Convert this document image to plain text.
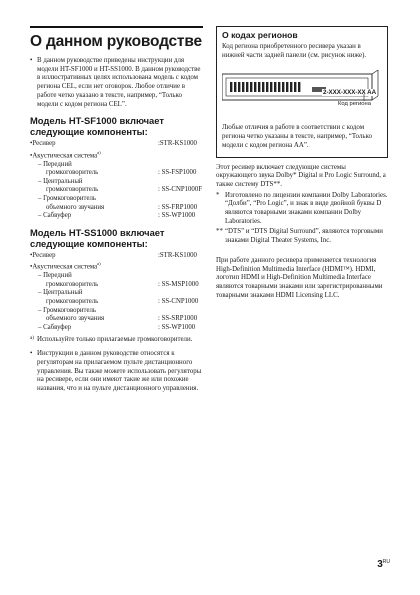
О данном руководстве
• В данном руководстве приведены инструкции для модели HT-SF1000 и HT-SS1000. В данном руководстве в иллюстративных целях использована модель с кодом региона CEL, если нет оговорок. Любое отличие в работе четко указано в тексте, например, “Только модели с кодом региона CEL”.
Модель HT-SF1000 включает следующие компоненты:
•Ресивер	:STR-KS1000
•Акустическая система$^{a)}$	
– Передний	
громкоговоритель	: SS-FSP1000
– Центральный	
громкоговоритель	: SS-CNP1000F
– Громкоговоритель	
объемного звучания	: SS-FRP1000
– Сабвуфер	: SS-WP1000
Модель HT-SS1000 включает следующие компоненты:
•Ресивер	:STR-KS1000
•Акустическая система$^{a)}$	
– Передний	
громкоговоритель	: SS-MSP1000
– Центральный	
громкоговоритель	: SS-CNP1000
– Громкоговоритель	
объемного звучания	: SS-SRP1000
– Сабвуфер	: SS-WP1000
a) Используйте только прилагаемые громкоговорители.
• Инструкции в данном руководстве относятся к регуляторам на прилагаемом пульте дистанционного управления. Вы также можете использовать регуляторы на ресивере, если они имеют такие же или похожие названия, что и на пульте дистанционного управления.
О кодах регионов
Код региона приобретенного ресивера указан в нижней части задней панели (см. рисунок ниже).
2-XXX-XXX-XX AA
Код региона
Любые отличия в работе в соответствии с кодом региона четко указаны в тексте, например, “Только модели с кодом региона AA”.
Этот ресивер включает следующие системы окружающего звука Dolby* Digital и Pro Logic Surround, а также систему DTS**.
* Изготовлено по лицензии компании Dolby Laboratories. “Долби”, “Pro Logic”, и знак в виде двойной буквы D являются товарными знаками компании Dolby Laboratories.
** “DTS” и “DTS Digital Surround”, являются торговыми знаками Digital Theater Systems, Inc.
При работе данного ресивера применяется технология High-Definition Multimedia Interface (HDMI™). HDMI, логотип HDMI и High-Definition Multimedia Interface являются товарными знаками или зарегистрированными товарными знаками HDMI Licensing LLC.
$3^{RU}$
